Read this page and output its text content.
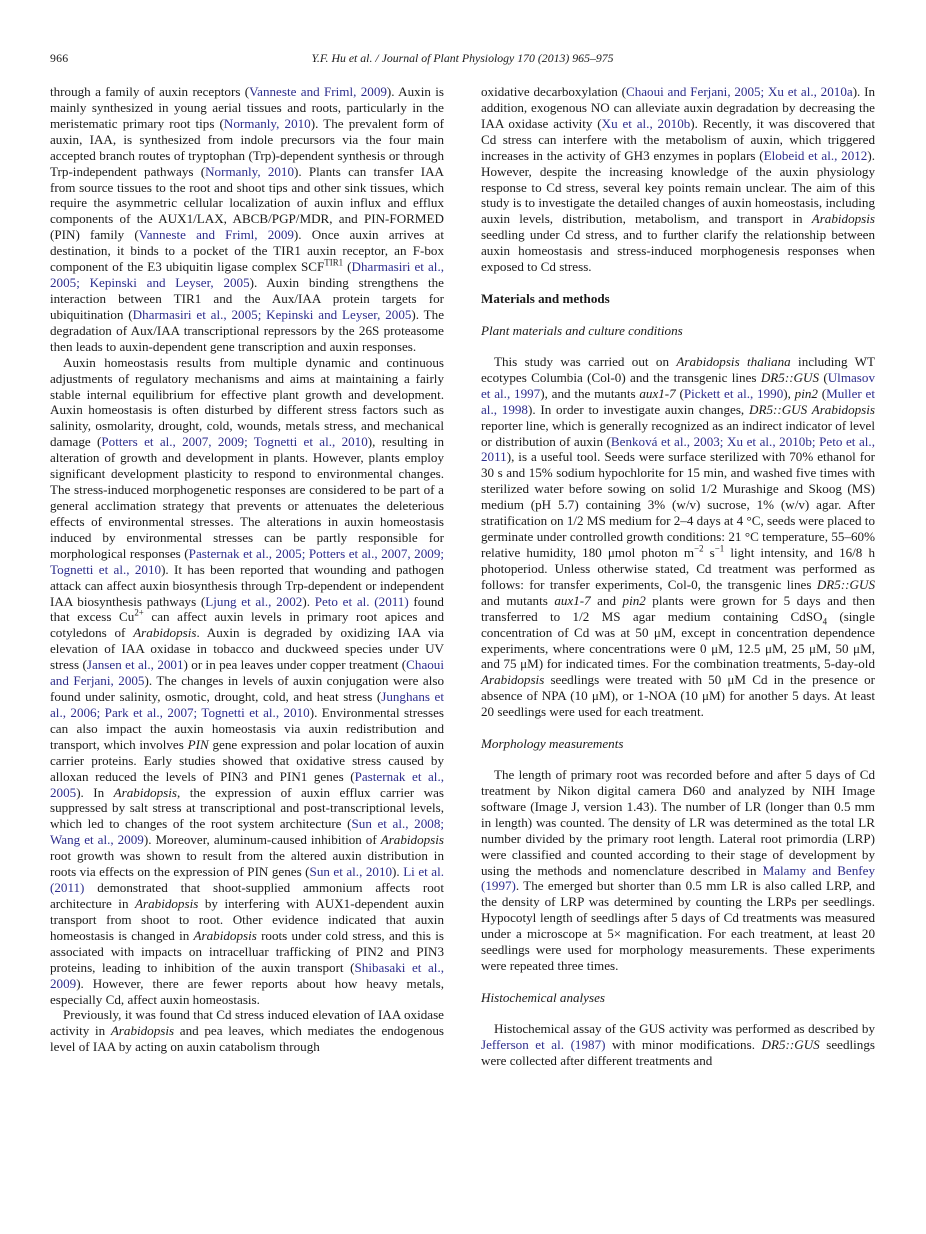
966	Y.F. Hu et al. / Journal of Plant Physiology 170 (2013) 965–975

through a family of auxin receptors (Vanneste and Friml, 2009). Auxin is mainly synthesized in young aerial tissues and roots, particularly in the meristematic primary root tips (Normanly, 2010). The prevalent form of auxin, IAA, is synthesized from indole precursors via the four main accepted branch routes of tryptophan (Trp)-dependent synthesis or through Trp-independent pathways (Normanly, 2010). Plants can transfer IAA from source tissues to the root and shoot tips and other sink tissues, which require the asymmetric cellular localization of auxin influx and efflux components of the AUX1/LAX, ABCB/PGP/MDR, and PIN-FORMED (PIN) family (Vanneste and Friml, 2009). Once auxin arrives at destination, it binds to a pocket of the TIR1 auxin receptor, an F-box component of the E3 ubiquitin ligase complex $SCF^{TIR1}$ (Dharmasiri et al., 2005; Kepinski and Leyser, 2005). Auxin binding strengthens the interaction between TIR1 and the Aux/IAA protein targets for ubiquitination (Dharmasiri et al., 2005; Kepinski and Leyser, 2005). The degradation of Aux/IAA transcriptional repressors by the 26S proteasome then leads to auxin-dependent gene transcription and auxin responses.

Auxin homeostasis results from multiple dynamic and continuous adjustments of regulatory mechanisms and aims at maintaining a fairly stable internal equilibrium for effective plant growth and development. Auxin homeostasis is often disturbed by different stress factors such as salinity, osmolarity, drought, cold, wounds, metals stress, and mechanical damage (Potters et al., 2007, 2009; Tognetti et al., 2010), resulting in alteration of growth and development in plants. However, plants employ significant development plasticity to respond to environmental changes. The stress-induced morphogenetic responses are considered to be part of a general acclimation strategy that prevents or attenuates the deleterious effects of environmental stresses. The alterations in auxin homeostasis induced by environmental stresses can be partly responsible for morphological responses (Pasternak et al., 2005; Potters et al., 2007, 2009; Tognetti et al., 2010). It has been reported that wounding and pathogen attack can affect auxin biosynthesis through Trp-dependent or independent IAA biosynthesis pathways (Ljung et al., 2002). Peto et al. (2011) found that excess $Cu^{2+}$ can affect auxin levels in primary root apices and cotyledons of Arabidopsis. Auxin is degraded by oxidizing IAA via elevation of IAA oxidase in tobacco and duckweed species under UV stress (Jansen et al., 2001) or in pea leaves under copper treatment (Chaoui and Ferjani, 2005). The changes in levels of auxin conjugation were also found under salinity, osmotic, drought, cold, and heat stress (Junghans et al., 2006; Park et al., 2007; Tognetti et al., 2010). Environmental stresses can also impact the auxin homeostasis via auxin redistribution and transport, which involves PIN gene expression and polar location of auxin carrier proteins. Early studies showed that oxidative stress caused by alloxan reduced the levels of PIN3 and PIN1 genes (Pasternak et al., 2005). In Arabidopsis, the expression of auxin efflux carrier was suppressed by salt stress at transcriptional and post-transcriptional levels, which led to changes of the root system architecture (Sun et al., 2008; Wang et al., 2009). Moreover, aluminum-caused inhibition of Arabidopsis root growth was shown to result from the altered auxin distribution in roots via effects on the expression of PIN genes (Sun et al., 2010). Li et al. (2011) demonstrated that shoot-supplied ammonium affects root architecture in Arabidopsis by interfering with AUX1-dependent auxin transport from shoot to root. Other evidence indicated that auxin homeostasis is changed in Arabidopsis roots under cold stress, and this is associated with impacts on intracelluar trafficking of PIN2 and PIN3 proteins, leading to inhibition of the auxin transport (Shibasaki et al., 2009). However, there are fewer reports about how heavy metals, especially Cd, affect auxin homeostasis.

Previously, it was found that Cd stress induced elevation of IAA oxidase activity in Arabidopsis and pea leaves, which mediates the endogenous level of IAA by acting on auxin catabolism through

oxidative decarboxylation (Chaoui and Ferjani, 2005; Xu et al., 2010a). In addition, exogenous NO can alleviate auxin degradation by decreasing the IAA oxidase activity (Xu et al., 2010b). Recently, it was discovered that Cd stress can interfere with the metabolism of auxin, which triggered increases in the activity of GH3 enzymes in poplars (Elobeid et al., 2012). However, despite the increasing knowledge of the auxin physiology response to Cd stress, several key points remain unclear. The aim of this study is to investigate the detailed changes of auxin homeostasis, including auxin levels, distribution, metabolism, and transport in Arabidopsis seedling under Cd stress, and to further clarify the relationship between auxin homeostasis and stress-induced morphogenesis responses when exposed to Cd stress.

Materials and methods
Plant materials and culture conditions

This study was carried out on Arabidopsis thaliana including WT ecotypes Columbia (Col-0) and the transgenic lines DR5::GUS (Ulmasov et al., 1997), and the mutants aux1-7 (Pickett et al., 1990), pin2 (Muller et al., 1998). In order to investigate auxin changes, DR5::GUS Arabidopsis reporter line, which is generally recognized as an indirect indicator of level or distribution of auxin (Benková et al., 2003; Xu et al., 2010b; Peto et al., 2011), is a useful tool. Seeds were surface sterilized with 70% ethanol for 30 s and 15% sodium hypochlorite for 15 min, and washed five times with sterilized water before sowing on solid 1/2 Murashige and Skoog (MS) medium (pH 5.7) containing 3% (w/v) sucrose, 1% (w/v) agar. After stratification on 1/2 MS medium for 2–4 days at 4 °C, seeds were placed to germinate under controlled growth conditions: 21 °C temperature, 55–60% relative humidity, 180 μmol photon $m^{-2}$ $s^{-1}$ light intensity, and 16/8 h photoperiod. Unless otherwise stated, Cd treatment was performed as follows: for transfer experiments, Col-0, the transgenic lines DR5::GUS and mutants aux1-7 and pin2 plants were grown for 5 days and then transferred to 1/2 MS agar medium containing CdSO$_4$ (single concentration of Cd was at 50 μM, except in concentration dependence experiments, where concentrations were 0 μM, 12.5 μM, 25 μM, 50 μM, and 75 μM) for indicated times. For the combination treatments, 5-day-old Arabidopsis seedlings were treated with 50 μM Cd in the presence or absence of NPA (10 μM), or 1-NOA (10 μM) for another 5 days. At least 20 seedlings were used for each treatment.

Morphology measurements

The length of primary root was recorded before and after 5 days of Cd treatment by Nikon digital camera D60 and analyzed by NIH Image software (Image J, version 1.43). The number of LR (longer than 0.5 mm in length) was counted. The density of LR was determined as the total LR number divided by the primary root length. Lateral root primordia (LRP) were classified and counted according to their stage of development by using the methods and nomenclature described in Malamy and Benfey (1997). The emerged but shorter than 0.5 mm LR is also called LRP, and the density of LRP was determined by counting the LRPs per seedlings. Hypocotyl length of seedlings after 5 days of Cd treatments was measured under a microscope at 5× magnification. For each treatment, at least 20 seedlings were used for morphology measurements. These experiments were repeated three times.

Histochemical analyses

Histochemical assay of the GUS activity was performed as described by Jefferson et al. (1987) with minor modifications. DR5::GUS seedlings were collected after different treatments and
